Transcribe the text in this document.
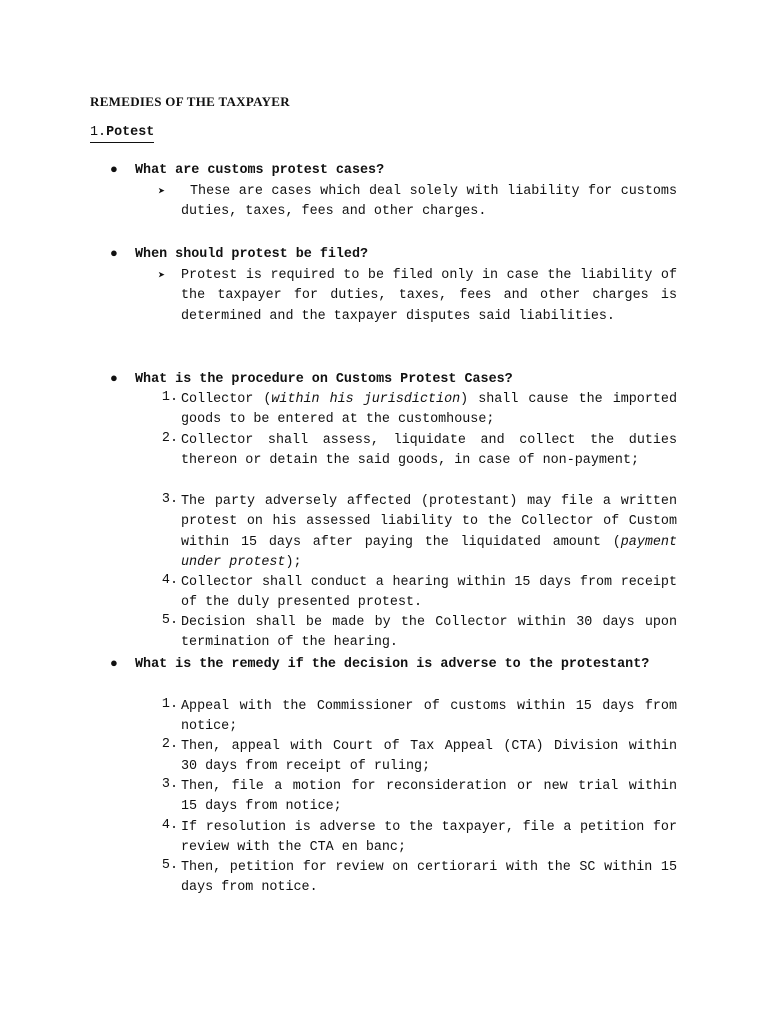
REMEDIES OF THE TAXPAYER
1.Potest
● What are customs protest cases?
➤	These are cases which deal solely with liability for customs duties, taxes, fees and other charges.
● When should protest be filed?
➤ Protest is required to be filed only in case the liability of the taxpayer for duties, taxes, fees and other charges is determined and the taxpayer disputes said liabilities.
● What is the procedure on Customs Protest Cases?
1. Collector (within his jurisdiction) shall cause the imported goods to be entered at the customhouse;
2. Collector shall assess, liquidate and collect the duties thereon or detain the said goods, in case of non-payment;
3. The party adversely affected (protestant) may file a written protest on his assessed liability to the Collector of Custom within 15 days after paying the liquidated amount (payment under protest);
4. Collector shall conduct a hearing within 15 days from receipt of the duly presented protest.
5. Decision shall be made by the Collector within 30 days upon termination of the hearing.
● What is the remedy if the decision is adverse to the protestant?
1. Appeal with the Commissioner of customs within 15 days from notice;
2. Then, appeal with Court of Tax Appeal (CTA) Division within 30 days from receipt of ruling;
3. Then, file a motion for reconsideration or new trial within 15 days from notice;
4. If resolution is adverse to the taxpayer, file a petition for review with the CTA en banc;
5. Then, petition for review on certiorari with the SC within 15 days from notice.
